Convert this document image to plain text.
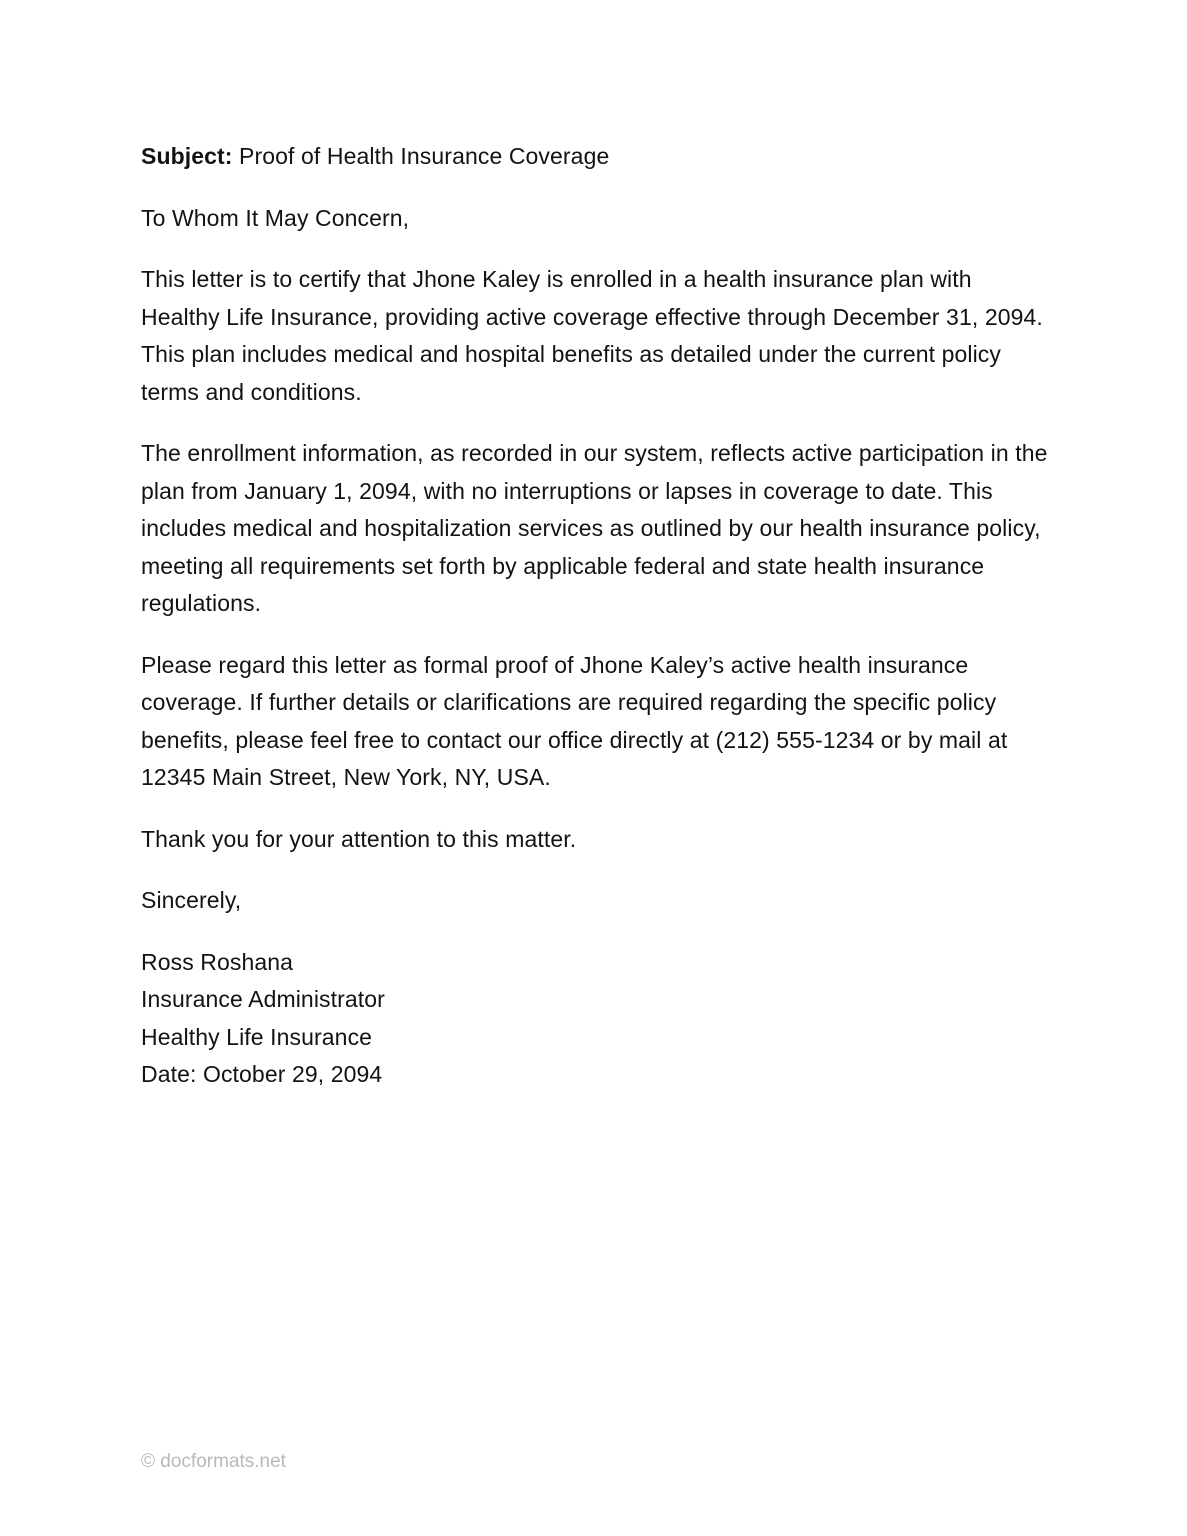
Subject: Proof of Health Insurance Coverage

To Whom It May Concern,

This letter is to certify that Jhone Kaley is enrolled in a health insurance plan with Healthy Life Insurance, providing active coverage effective through December 31, 2094. This plan includes medical and hospital benefits as detailed under the current policy terms and conditions.

The enrollment information, as recorded in our system, reflects active participation in the plan from January 1, 2094, with no interruptions or lapses in coverage to date. This includes medical and hospitalization services as outlined by our health insurance policy, meeting all requirements set forth by applicable federal and state health insurance regulations.

Please regard this letter as formal proof of Jhone Kaley’s active health insurance coverage. If further details or clarifications are required regarding the specific policy benefits, please feel free to contact our office directly at (212) 555-1234 or by mail at 12345 Main Street, New York, NY, USA.

Thank you for your attention to this matter.

Sincerely,

Ross Roshana
Insurance Administrator
Healthy Life Insurance
Date: October 29, 2094
© docformats.net
